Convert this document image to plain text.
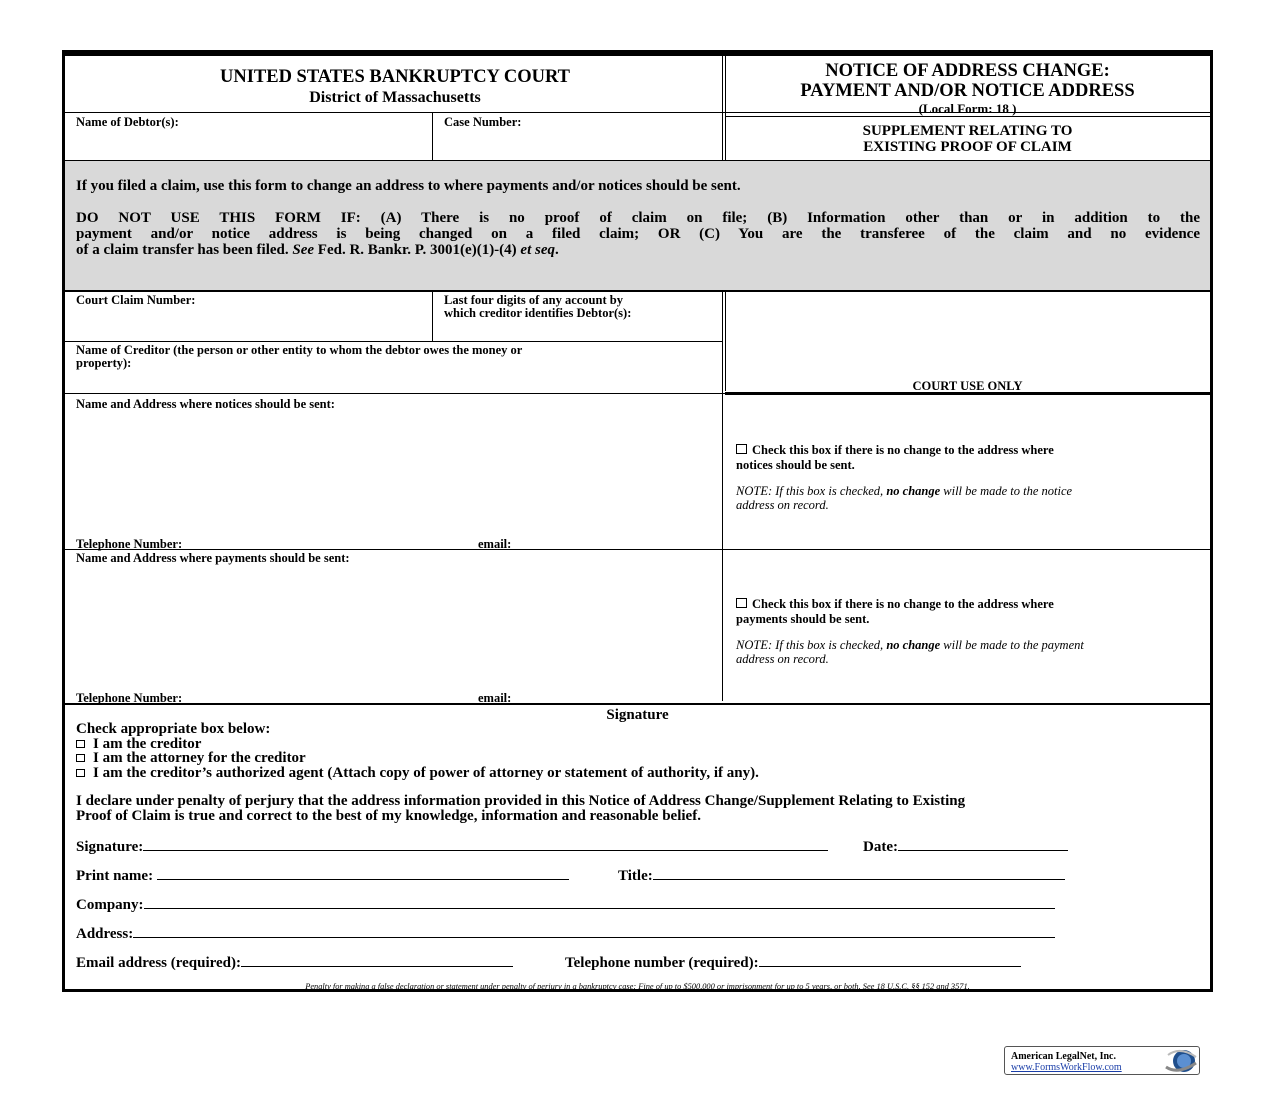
UNITED STATES BANKRUPTCY COURT
District of Massachusetts
NOTICE OF ADDRESS CHANGE:
PAYMENT AND/OR NOTICE ADDRESS
(Local Form: 18 )
Name of Debtor(s):	Case Number:
SUPPLEMENT RELATING TO
EXISTING PROOF OF CLAIM
If you filed a claim, use this form to change an address to where payments and/or notices should be sent.
DO NOT USE THIS FORM IF: (A) There is no proof of claim on file; (B) Information other than or in addition to the
payment and/or notice address is being changed on a filed claim; OR (C) You are the transferee of the claim and no evidence
of a claim transfer has been filed. See Fed. R. Bankr. P. 3001(e)(1)-(4) et seq.
Court Claim Number:	Last four digits of any account by
which creditor identifies Debtor(s):
Name of Creditor (the person or other entity to whom the debtor owes the money or
property):
COURT USE ONLY
Name and Address where notices should be sent:
Telephone Number:	email:
Check this box if there is no change to the address where
notices should be sent.
NOTE: If this box is checked, no change will be made to the notice
address on record.
Name and Address where payments should be sent:
Telephone Number:	email:
Check this box if there is no change to the address where
payments should be sent.
NOTE: If this box is checked, no change will be made to the payment
address on record.
Signature
Check appropriate box below:
I am the creditor
I am the attorney for the creditor
I am the creditor’s authorized agent (Attach copy of power of attorney or statement of authority, if any).
I declare under penalty of perjury that the address information provided in this Notice of Address Change/Supplement Relating to Existing
Proof of Claim is true and correct to the best of my knowledge, information and reasonable belief.
Signature:	Date:
Print name:	Title:
Company:
Address:
Email address (required):	Telephone number (required):
Penalty for making a false declaration or statement under penalty of perjury in a bankruptcy case: Fine of up to $500,000 or imprisonment for up to 5 years, or both. See 18 U.S.C. §§ 152 and 3571.
American LegalNet, Inc.
www.FormsWorkFlow.com
